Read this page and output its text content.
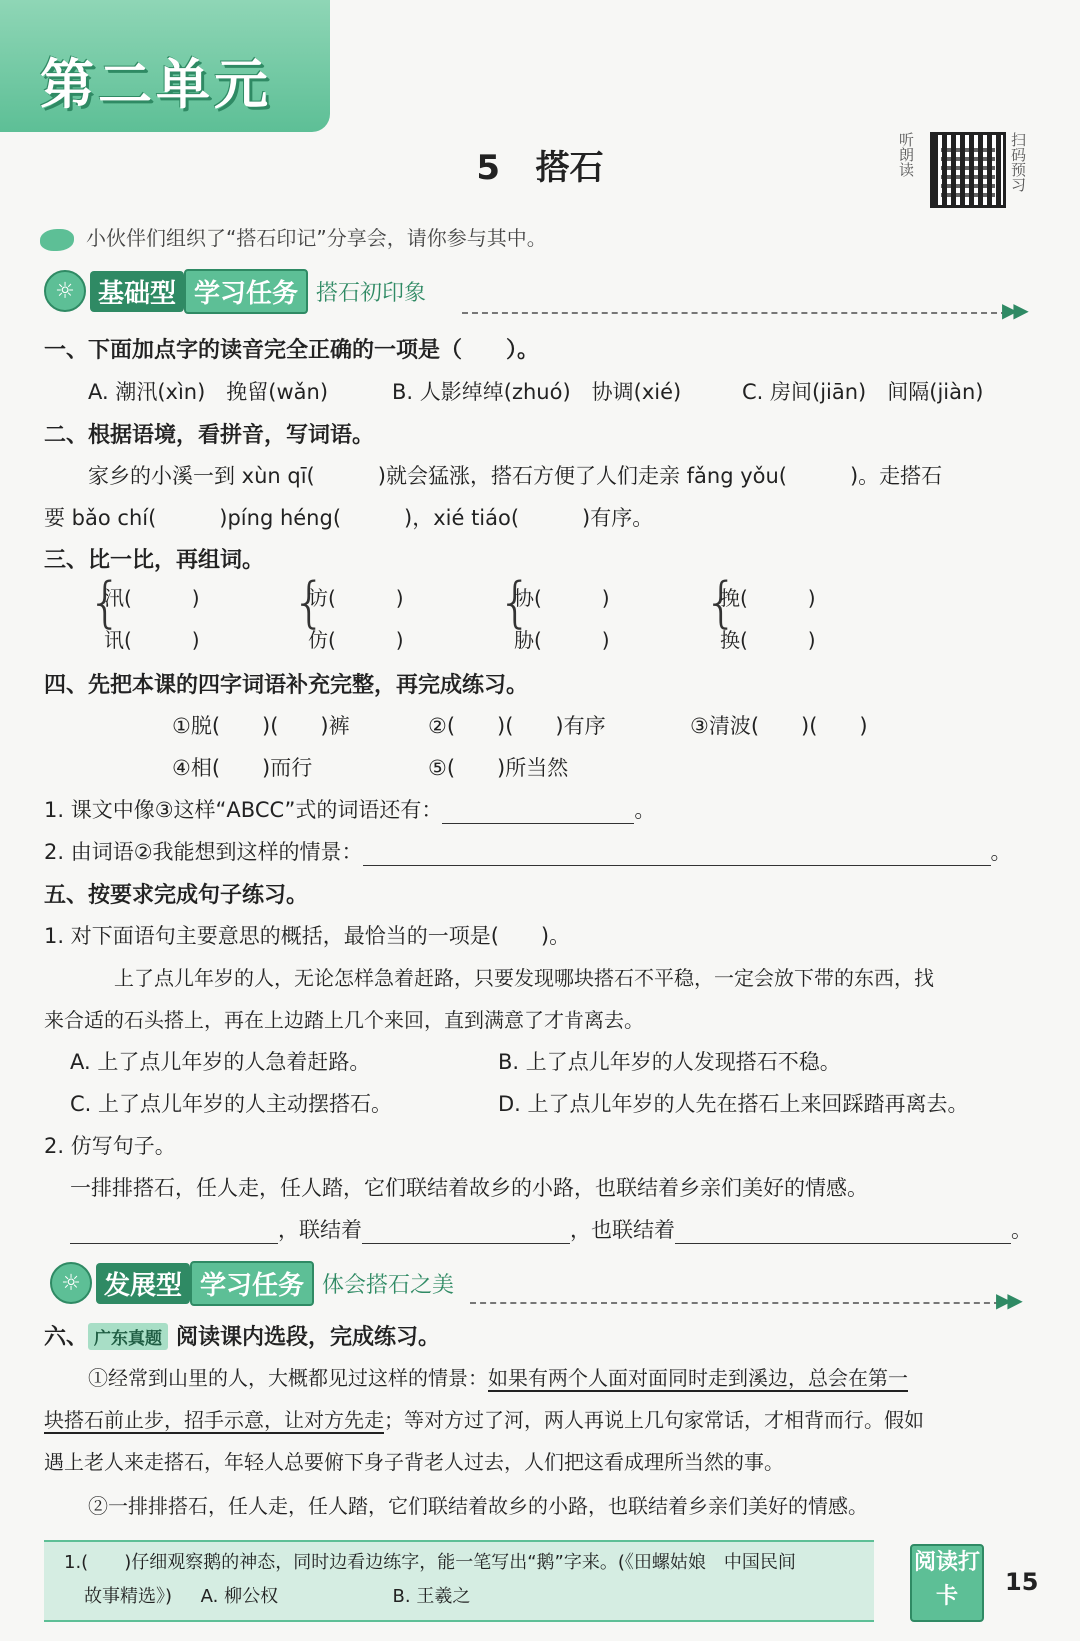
第二单元
5 搭石	听朗读	扫码预习
小伙伴们组织了“搭石印记”分享会，请你参与其中。
☼ 基础型 学习任务 搭石初印象
▶▶
一、下面加点字的读音完全正确的一项是（　　）。
A. 潮汛(xìn)　挽留(wǎn)	B. 人影绰绰(zhuó)　协调(xié)	C. 房间(jiān)　间隔(jiàn)
二、根据语境，看拼音，写词语。
家乡的小溪一到 xùn qī(　　　)就会猛涨，搭石方便了人们走亲 fǎng yǒu(　　　)。走搭石
要 bǎo chí(　　　)píng héng(　　　)，xié tiáo(　　　)有序。
三、比一比，再组词。
{
汛(　　　)
讯(　　　)
{
访(　　　)
仿(　　　)
{
协(　　　)
胁(　　　)
{
挽(　　　)
换(　　　)
四、先把本课的四字词语补充完整，再完成练习。
①脱(　　)(　　)裤	②(　　)(　　)有序	③清波(　　)(　　)
④相(　　)而行	⑤(　　)所当然
1. 课文中像③这样“ABCC”式的词语还有：	。
2. 由词语②我能想到这样的情景：	。
五、按要求完成句子练习。
1. 对下面语句主要意思的概括，最恰当的一项是(　　)。
上了点儿年岁的人，无论怎样急着赶路，只要发现哪块搭石不平稳，一定会放下带的东西，找
来合适的石头搭上，再在上边踏上几个来回，直到满意了才肯离去。
A. 上了点儿年岁的人急着赶路。	B. 上了点儿年岁的人发现搭石不稳。
C. 上了点儿年岁的人主动摆搭石。	D. 上了点儿年岁的人先在搭石上来回踩踏再离去。
2. 仿写句子。
一排排搭石，任人走，任人踏，它们联结着故乡的小路，也联结着乡亲们美好的情感。
，联结着	，也联结着	。
☼ 发展型 学习任务 体会搭石之美
▶▶
六、 广东真题 阅读课内选段，完成练习。
①经常到山里的人，大概都见过这样的情景：如果有两个人面对面同时走到溪边，总会在第一
块搭石前止步，招手示意，让对方先走；等对方过了河，两人再说上几句家常话，才相背而行。假如
遇上老人来走搭石，年轻人总要俯下身子背老人过去，人们把这看成理所当然的事。
1.(　　)仔细观察鹅的神态，同时边看边练字，能一笔写出“鹅”字来。(《田螺姑娘　中国民间
故事精选》) A. 柳公权	B. 王羲之
阅读打卡
15
②一排排搭石，任人走，任人踏，它们联结着故乡的小路，也联结着乡亲们美好的情感。
